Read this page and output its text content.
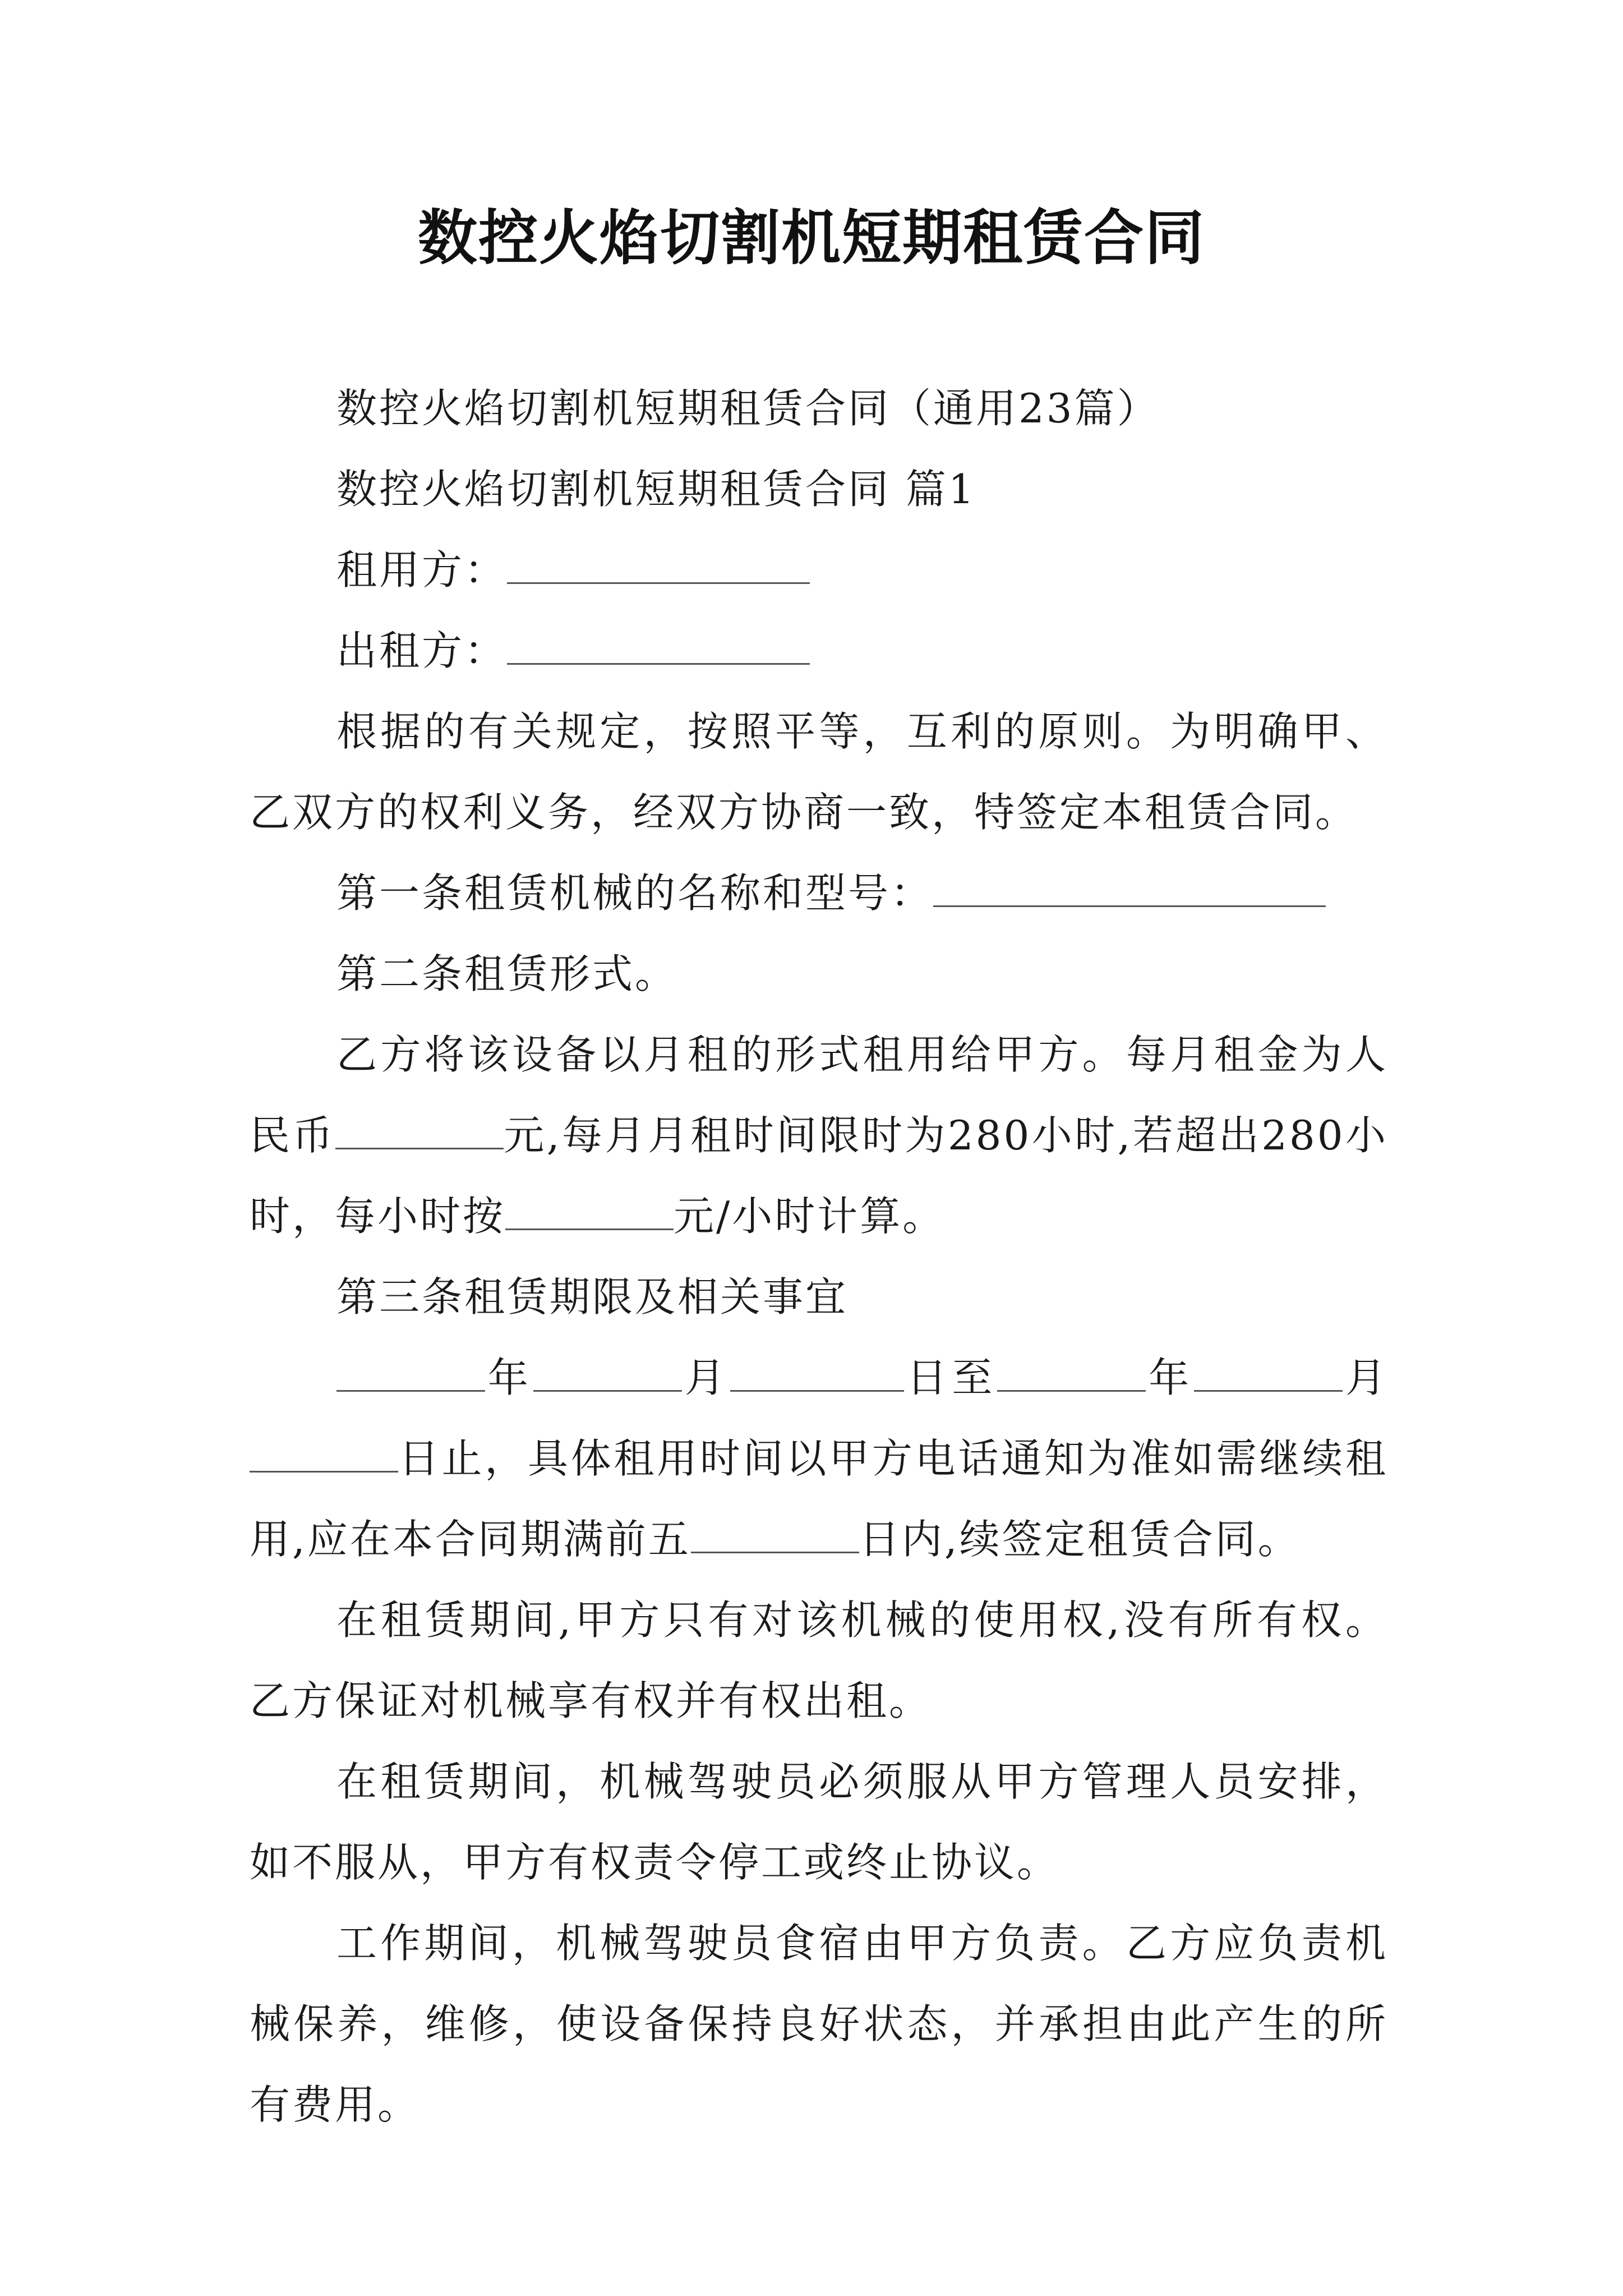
数控火焰切割机短期租赁合同

数控火焰切割机短期租赁合同（通用23篇）

数控火焰切割机短期租赁合同 篇1

租用方：

出租方：

根据的有关规定，按照平等，互利的原则。为明确甲、乙双方的权利义务，经双方协商一致，特签定本租赁合同。

第一条租赁机械的名称和型号：

第二条租赁形式。

乙方将该设备以月租的形式租用给甲方。每月租金为人民币	元,每月月租时间限时为280小时,若超出280小时，每小时按	元/小时计算。

第三条租赁期限及相关事宜

年	月	日至	年	月日止，具体租用时间以甲方电话通知为准如需继续租用,应在本合同期满前五	日内,续签定租赁合同。

在租赁期间,甲方只有对该机械的使用权,没有所有权。乙方保证对机械享有权并有权出租。

在租赁期间，机械驾驶员必须服从甲方管理人员安排，如不服从，甲方有权责令停工或终止协议。

工作期间，机械驾驶员食宿由甲方负责。乙方应负责机械保养，维修，使设备保持良好状态，并承担由此产生的所有费用。
